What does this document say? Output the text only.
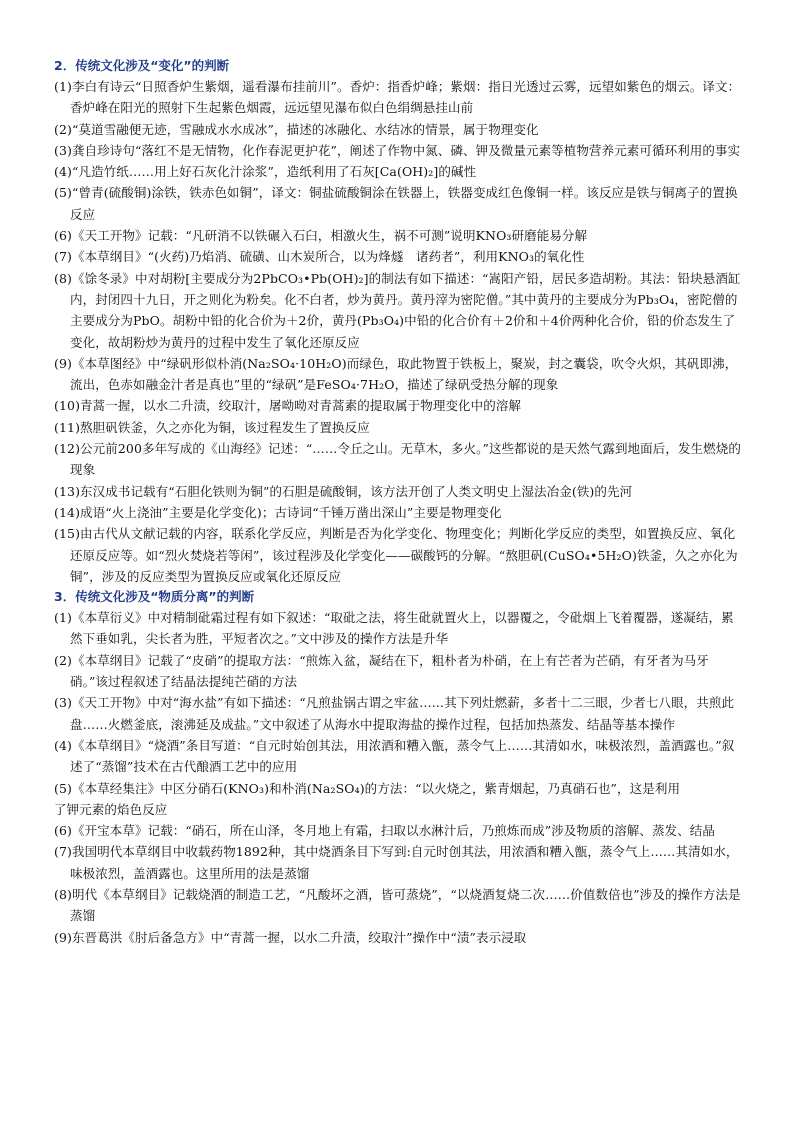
2．传统文化涉及“变化”的判断

(1)李白有诗云“日照香炉生紫烟，遥看瀑布挂前川”。香炉：指香炉峰；紫烟：指日光透过云雾，远望如紫色的烟云。译文：香炉峰在阳光的照射下生起紫色烟霞，远远望见瀑布似白色绢绸悬挂山前

(2)“莫道雪融便无迹，雪融成水水成冰”，描述的冰融化、水结冰的情景，属于物理变化

(3)龚自珍诗句“落红不是无情物，化作春泥更护花”，阐述了作物中氮、磷、钾及微量元素等植物营养元素可循环利用的事实

(4)“凡造竹纸……用上好石灰化汁涂浆”，造纸利用了石灰[Ca(OH)₂]的碱性

(5)“曾青(硫酸铜)涂铁，铁赤色如铜”，译文：铜盐硫酸铜涂在铁器上，铁器变成红色像铜一样。该反应是铁与铜离子的置换反应

(6)《天工开物》记载：“凡研消不以铁碾入石臼，相激火生，祸不可测”说明KNO₃研磨能易分解

(7)《本草纲目》“(火药)乃焰消、硫磺、山木炭所合，以为烽燧　诸药者”，利用KNO₃的氧化性

(8)《馀冬录》中对胡粉[主要成分为2PbCO₃•Pb(OH)₂]的制法有如下描述：“嵩阳产铅，居民多造胡粉。其法：铅块悬酒缸内，封闭四十九日，开之则化为粉矣。化不白者，炒为黄丹。黄丹滓为密陀僧。”其中黄丹的主要成分为Pb₃O₄，密陀僧的主要成分为PbO。胡粉中铅的化合价为＋2价，黄丹(Pb₃O₄)中铅的化合价有＋2价和＋4价两种化合价，铅的价态发生了变化，故胡粉炒为黄丹的过程中发生了氧化还原反应

(9)《本草图经》中“绿矾形似朴消(Na₂SO₄·10H₂O)而绿色，取此物置于铁板上，聚炭，封之囊袋，吹令火炽，其矾即沸，流出，色赤如融金汁者是真也”里的“绿矾”是FeSO₄·7H₂O，描述了绿矾受热分解的现象

(10)青蒿一握，以水二升渍，绞取汁，屠呦呦对青蒿素的提取属于物理变化中的溶解

(11)熬胆矾铁釜，久之亦化为铜，该过程发生了置换反应

(12)公元前200多年写成的《山海经》记述：“……令丘之山。无草木，多火。”这些都说的是天然气露到地面后，发生燃烧的现象

(13)东汉成书记载有“石胆化铁则为铜”的石胆是硫酸铜，该方法开创了人类文明史上湿法冶金(铁)的先河

(14)成语“火上浇油”主要是化学变化)；古诗词“千锤万凿出深山”主要是物理变化

(15)由古代从文献记载的内容，联系化学反应，判断是否为化学变化、物理变化；判断化学反应的类型，如置换反应、氧化还原反应等。如“烈火焚烧若等闲”，该过程涉及化学变化——碳酸钙的分解。“熬胆矾(CuSO₄•5H₂O)铁釜，久之亦化为铜”，涉及的反应类型为置换反应或氧化还原反应

3．传统文化涉及“物质分离”的判断

(1)《本草衍义》中对精制砒霜过程有如下叙述：“取砒之法，将生砒就置火上，以器覆之，令砒烟上飞着覆器，遂凝结，累然下垂如乳，尖长者为胜，平短者次之。”文中涉及的操作方法是升华

(2)《本草纲目》记载了“皮硝”的提取方法：“煎炼入盆，凝结在下，粗朴者为朴硝，在上有芒者为芒硝，有牙者为马牙硝。”该过程叙述了结晶法提纯芒硝的方法

(3)《天工开物》中对“海水盐”有如下描述：“凡煎盐锅古谓之牢盆……其下列灶燃薪，多者十二三眼，少者七八眼，共煎此盘……火燃釜底，滚沸延及成盐。”文中叙述了从海水中提取海盐的操作过程，包括加热蒸发、结晶等基本操作

(4)《本草纲目》“烧酒”条目写道：“自元时始创其法，用浓酒和糟入甑，蒸令气上……其清如水，味极浓烈，盖酒露也。”叙述了“蒸馏”技术在古代酿酒工艺中的应用

(5)《本草经集注》中区分硝石(KNO₃)和朴消(Na₂SO₄)的方法：“以火烧之，紫青烟起，乃真硝石也”，这是利用

了钾元素的焰色反应

(6)《开宝本草》记载：“硝石，所在山泽，冬月地上有霜，扫取以水淋汁后，乃煎炼而成”涉及物质的溶解、蒸发、结晶

(7)我国明代本草纲目中收载药物1892种，其中烧酒条目下写到:自元时创其法，用浓酒和糟入甑，蒸令气上……其清如水，味极浓烈，盖酒露也。这里所用的法是蒸馏

(8)明代《本草纲目》记载烧酒的制造工艺，“凡酸坏之酒，皆可蒸烧”，“以烧酒复烧二次……价值数倍也”涉及的操作方法是蒸馏

(9)东晋葛洪《肘后备急方》中“青蒿一握，以水二升渍，绞取汁”操作中“渍”表示浸取
